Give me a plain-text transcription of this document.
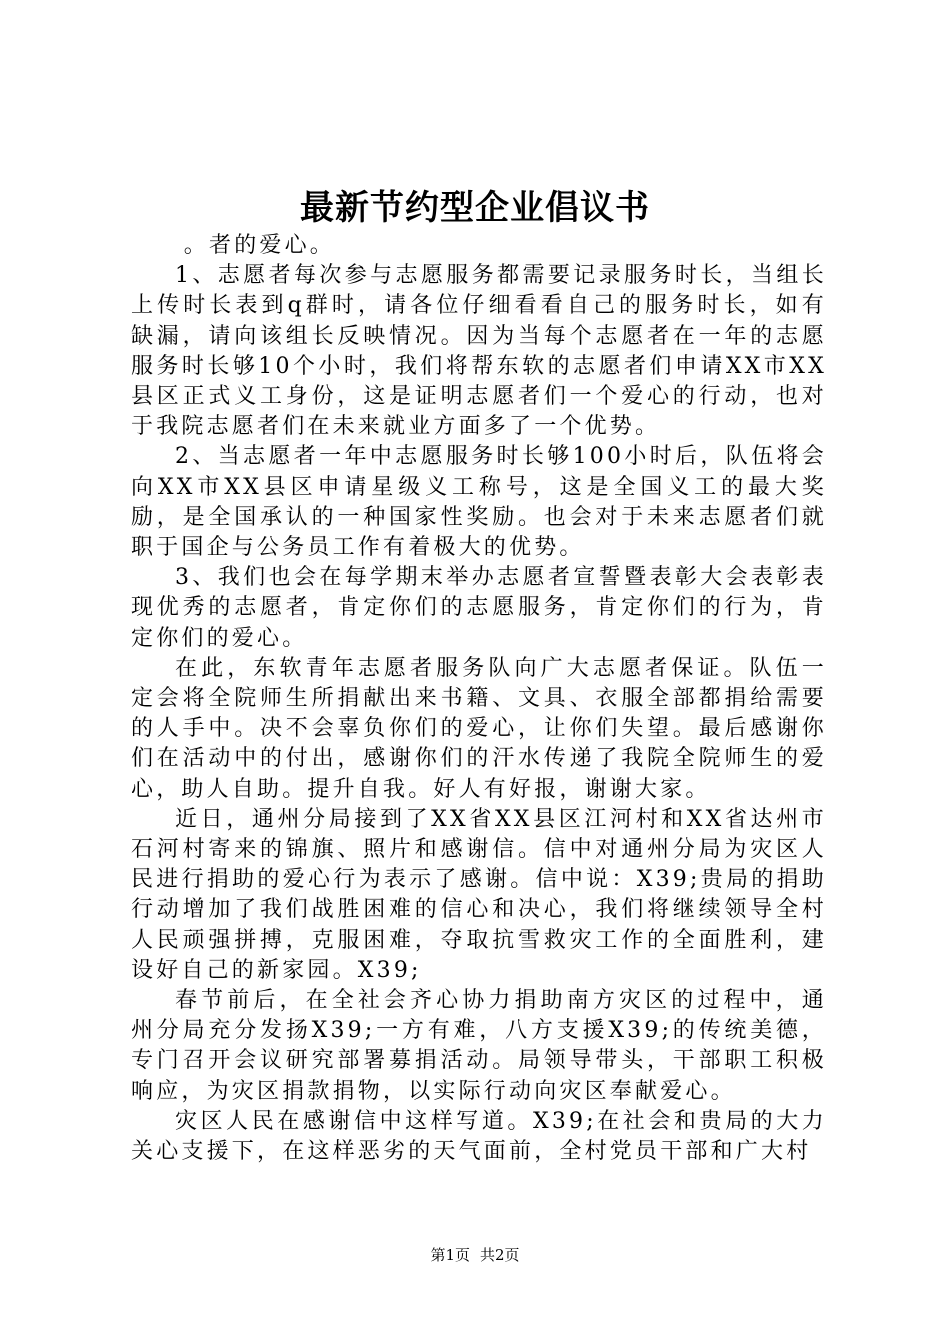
最新节约型企业倡议书

。者的爱心。

1、志愿者每次参与志愿服务都需要记录服务时长，当组长上传时长表到q群时，请各位仔细看看自己的服务时长，如有缺漏，请向该组长反映情况。因为当每个志愿者在一年的志愿服务时长够10个小时，我们将帮东软的志愿者们申请XX市XX县区正式义工身份，这是证明志愿者们一个爱心的行动，也对于我院志愿者们在未来就业方面多了一个优势。

2、当志愿者一年中志愿服务时长够100小时后，队伍将会向XX市XX县区申请星级义工称号，这是全国义工的最大奖励，是全国承认的一种国家性奖励。也会对于未来志愿者们就职于国企与公务员工作有着极大的优势。

3、我们也会在每学期末举办志愿者宣誓暨表彰大会表彰表现优秀的志愿者，肯定你们的志愿服务，肯定你们的行为，肯定你们的爱心。

在此，东软青年志愿者服务队向广大志愿者保证。队伍一定会将全院师生所捐献出来书籍、文具、衣服全部都捐给需要的人手中。决不会辜负你们的爱心，让你们失望。最后感谢你们在活动中的付出，感谢你们的汗水传递了我院全院师生的爱心，助人自助。提升自我。好人有好报，谢谢大家。

近日，通州分局接到了XX省XX县区江河村和XX省达州市石河村寄来的锦旗、照片和感谢信。信中对通州分局为灾区人民进行捐助的爱心行为表示了感谢。信中说：X39;贵局的捐助行动增加了我们战胜困难的信心和决心，我们将继续领导全村人民顽强拼搏，克服困难，夺取抗雪救灾工作的全面胜利，建设好自己的新家园。X39;

春节前后，在全社会齐心协力捐助南方灾区的过程中，通州分局充分发扬X39;一方有难，八方支援X39;的传统美德，专门召开会议研究部署募捐活动。局领导带头，干部职工积极响应，为灾区捐款捐物，以实际行动向灾区奉献爱心。

灾区人民在感谢信中这样写道。X39;在社会和贵局的大力关心支援下，在这样恶劣的天气面前，全村党员干部和广大村

第1页 共2页
